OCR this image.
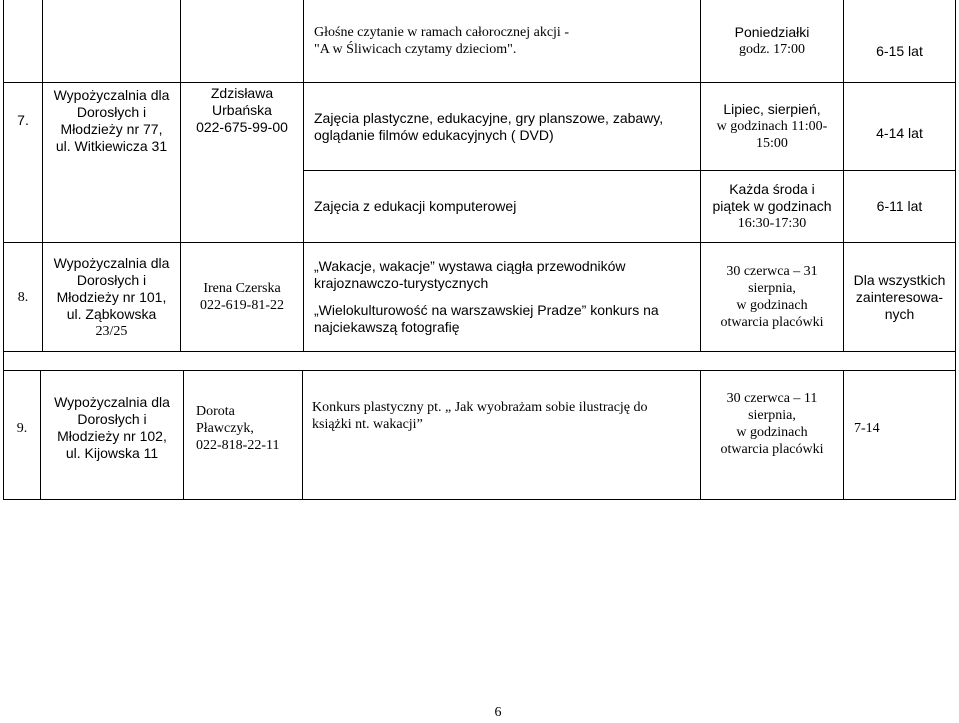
Głośne czytanie w ramach całorocznej akcji -
"A w Śliwicach czytamy dzieciom".
Poniedziałki
godz. 17:00	6-15 lat
7.
Wypożyczalnia dla
Dorosłych i
Młodzieży nr 77,
ul. Witkiewicza 31
Zdzisława
Urbańska
022-675-99-00
Zajęcia plastyczne, edukacyjne, gry planszowe, zabawy,
oglądanie filmów edukacyjnych ( DVD)
Lipiec, sierpień,
w godzinach 11:00-
15:00
4-14 lat
Zajęcia z edukacji komputerowej
Każda środa i
piątek w godzinach
16:30-17:30
6-11 lat
8.
Wypożyczalnia dla
Dorosłych i
Młodzieży nr 101,
ul. Ząbkowska
23/25
Irena Czerska
022-619-81-22
„Wakacje, wakacje” wystawa ciągła przewodników
krajoznawczo-turystycznych
„Wielokulturowość na warszawskiej Pradze” konkurs na
najciekawszą fotografię
30 czerwca – 31
sierpnia,
w godzinach
otwarcia placówki
Dla wszystkich
zainteresowa-
nych
9.
Wypożyczalnia dla
Dorosłych i
Młodzieży nr 102,
ul. Kijowska 11
Dorota
Pławczyk,
022-818-22-11
Konkurs plastyczny pt. „ Jak wyobrażam sobie ilustrację do
książki nt. wakacji”
30 czerwca – 11
sierpnia,
w godzinach
otwarcia placówki
7-14
6
